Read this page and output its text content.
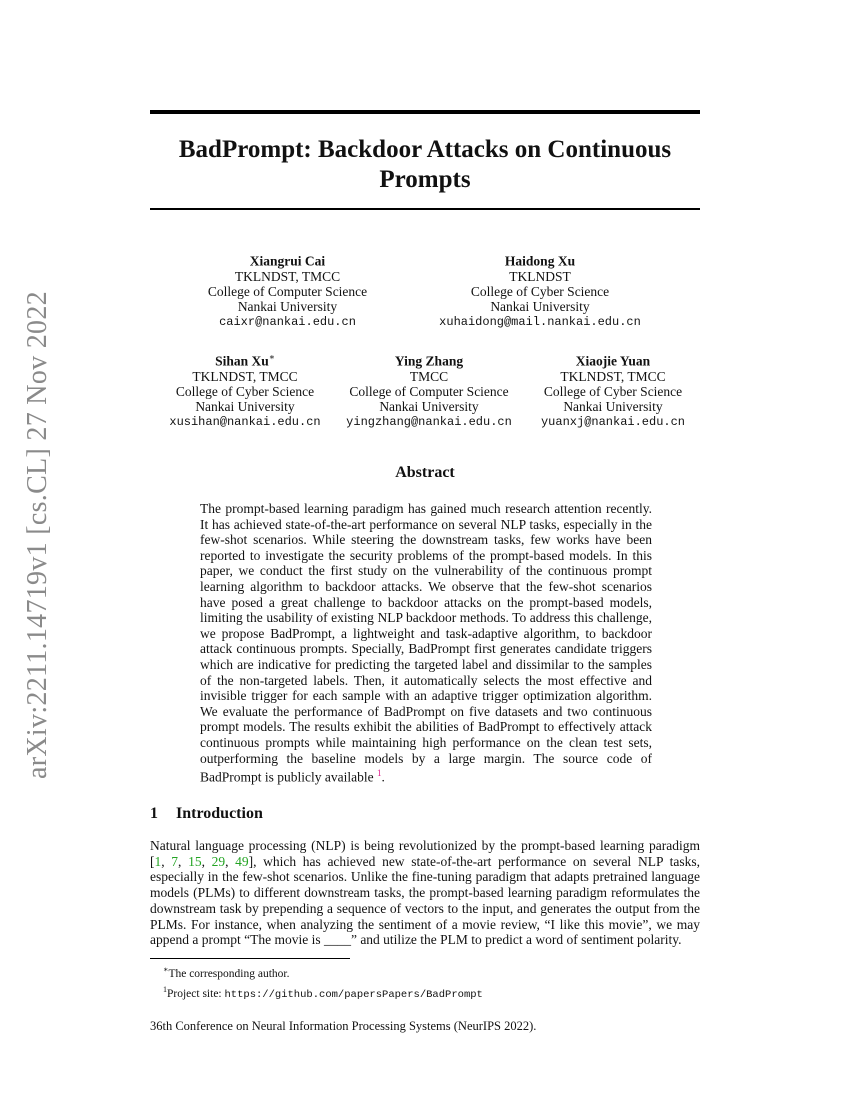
arXiv:2211.14719v1 [cs.CL] 27 Nov 2022
BadPrompt: Backdoor Attacks on Continuous Prompts
Xiangrui Cai
TKLNDST, TMCC
College of Computer Science
Nankai University
caixr@nankai.edu.cn
Haidong Xu
TKLNDST
College of Cyber Science
Nankai University
xuhaidong@mail.nankai.edu.cn
Sihan Xu∗
TKLNDST, TMCC
College of Cyber Science
Nankai University
xusihan@nankai.edu.cn
Ying Zhang
TMCC
College of Computer Science
Nankai University
yingzhang@nankai.edu.cn
Xiaojie Yuan
TKLNDST, TMCC
College of Cyber Science
Nankai University
yuanxj@nankai.edu.cn
Abstract
The prompt-based learning paradigm has gained much research attention recently. It has achieved state-of-the-art performance on several NLP tasks, especially in the few-shot scenarios. While steering the downstream tasks, few works have been reported to investigate the security problems of the prompt-based models. In this paper, we conduct the first study on the vulnerability of the continuous prompt learning algorithm to backdoor attacks. We observe that the few-shot scenarios have posed a great challenge to backdoor attacks on the prompt-based models, limiting the usability of existing NLP backdoor methods. To address this challenge, we propose BadPrompt, a lightweight and task-adaptive algorithm, to backdoor attack continuous prompts. Specially, BadPrompt first generates candidate triggers which are indicative for predicting the targeted label and dissimilar to the samples of the non-targeted labels. Then, it automatically selects the most effective and invisible trigger for each sample with an adaptive trigger optimization algorithm. We evaluate the performance of BadPrompt on five datasets and two continuous prompt models. The results exhibit the abilities of BadPrompt to effectively attack continuous prompts while maintaining high performance on the clean test sets, outperforming the baseline models by a large margin. The source code of BadPrompt is publicly available $^1$.
1 Introduction
Natural language processing (NLP) is being revolutionized by the prompt-based learning paradigm [1, 7, 15, 29, 49], which has achieved new state-of-the-art performance on several NLP tasks, especially in the few-shot scenarios. Unlike the fine-tuning paradigm that adapts pretrained language models (PLMs) to different downstream tasks, the prompt-based learning paradigm reformulates the downstream task by prepending a sequence of vectors to the input, and generates the output from the PLMs. For instance, when analyzing the sentiment of a movie review, “I like this movie”, we may append a prompt “The movie is ____” and utilize the PLM to predict a word of sentiment polarity.
∗The corresponding author.
$^1$Project site: https://github.com/papersPapers/BadPrompt
36th Conference on Neural Information Processing Systems (NeurIPS 2022).
